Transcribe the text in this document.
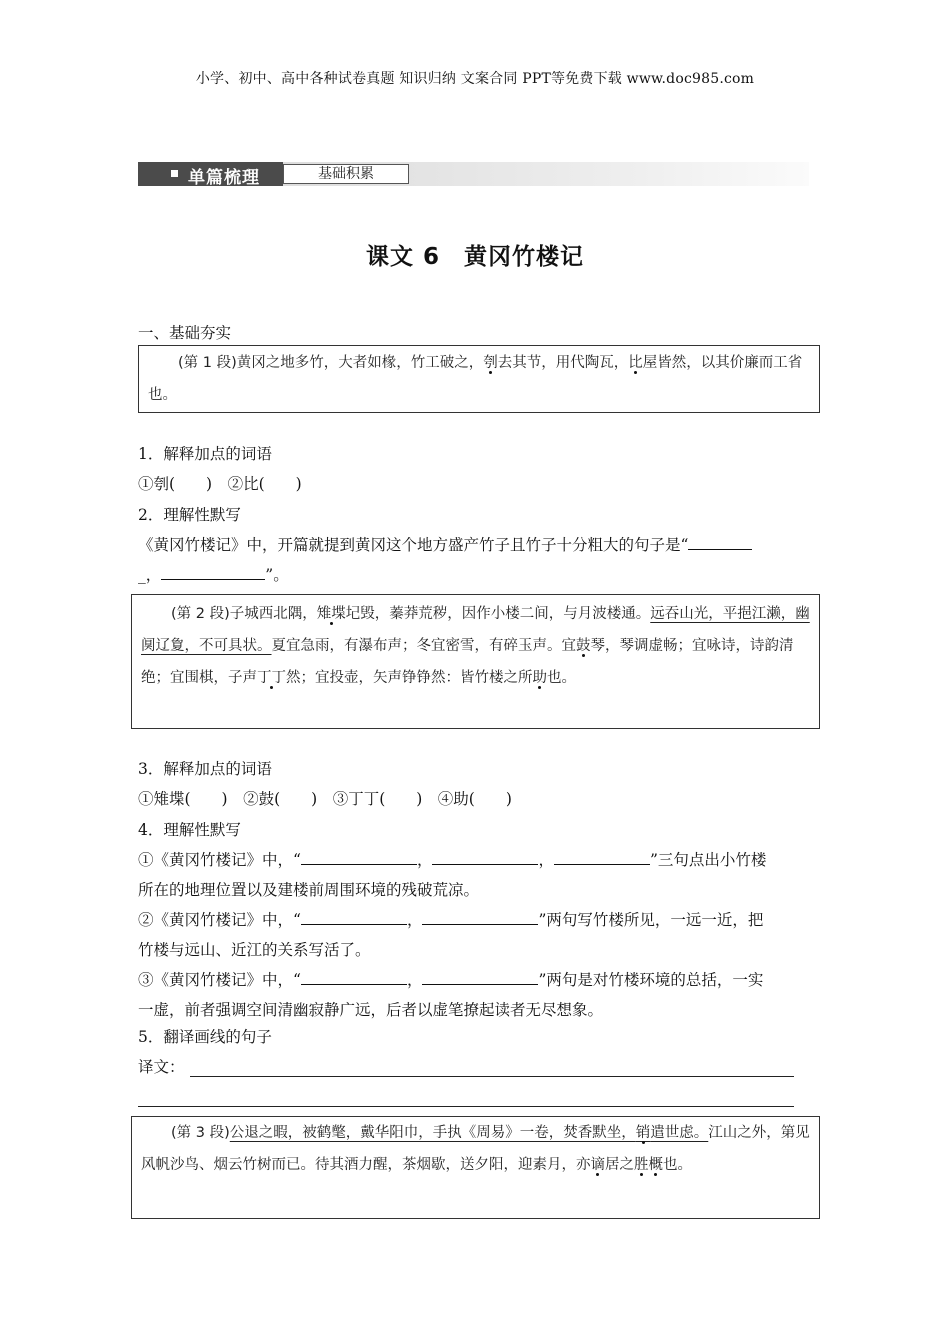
小学、初中、高中各种试卷真题 知识归纳 文案合同 PPT等免费下载 www.doc985.com
单篇梳理	基础积累
课文 6　黄冈竹楼记
一、基础夯实
(第 1 段)黄冈之地多竹，大者如椽，竹工破之，刳去其节，用代陶瓦，比屋皆然，以其价廉而工省也。
1．解释加点的词语
①刳(　　)　②比(　　)
2．理解性默写
《黄冈竹楼记》中，开篇就提到黄冈这个地方盛产竹子且竹子十分粗大的句子是“
_，	”。
(第 2 段)子城西北隅，雉堞圮毁，蓁莽荒秽，因作小楼二间，与月波楼通。远吞山光，平挹江濑，幽阒辽夐，不可具状。夏宜急雨，有瀑布声；冬宜密雪，有碎玉声。宜鼓琴，琴调虚畅；宜咏诗，诗韵清绝；宜围棋，子声丁丁然；宜投壶，矢声铮铮然：皆竹楼之所助也。
3．解释加点的词语
①雉堞(　　)　②鼓(　　)　③丁丁(　　)　④助(　　)
4．理解性默写
①《黄冈竹楼记》中，“	，	，	”三句点出小竹楼
所在的地理位置以及建楼前周围环境的残破荒凉。
②《黄冈竹楼记》中，“	，	”两句写竹楼所见，一远一近，把
竹楼与远山、近江的关系写活了。
③《黄冈竹楼记》中，“	，	”两句是对竹楼环境的总括，一实
一虚，前者强调空间清幽寂静广远，后者以虚笔撩起读者无尽想象。
5．翻译画线的句子
译文：
(第 3 段)公退之暇，被鹤氅，戴华阳巾，手执《周易》一卷，焚香默坐，销遣世虑。江山之外，第见风帆沙鸟、烟云竹树而已。待其酒力醒，茶烟歇，送夕阳，迎素月，亦谪居之胜概也。
